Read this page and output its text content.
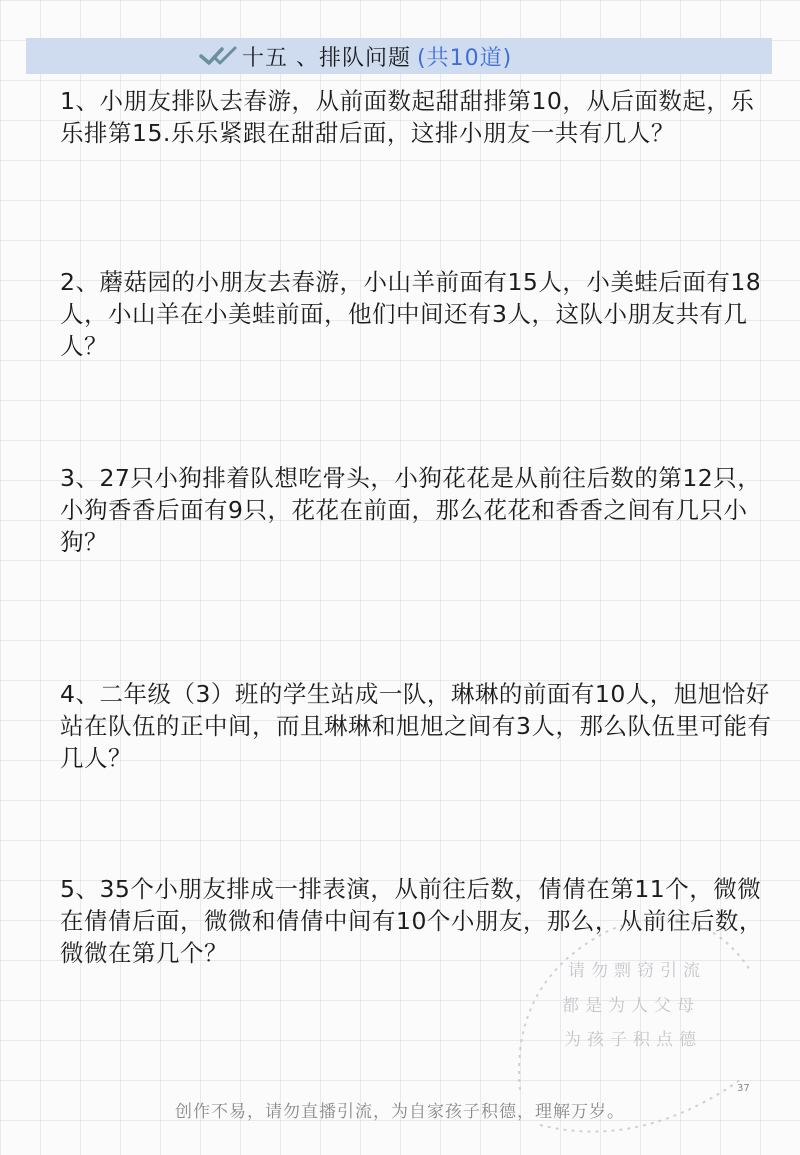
十五 、排队问题 (共10道)
1、小朋友排队去春游，从前面数起甜甜排第10，从后面数起，乐乐排第15.乐乐紧跟在甜甜后面，这排小朋友一共有几人？
2、蘑菇园的小朋友去春游，小山羊前面有15人，小美蛙后面有18人，小山羊在小美蛙前面，他们中间还有3人，这队小朋友共有几人？
3、27只小狗排着队想吃骨头，小狗花花是从前往后数的第12只，小狗香香后面有9只，花花在前面，那么花花和香香之间有几只小狗？
4、二年级（3）班的学生站成一队，琳琳的前面有10人，旭旭恰好站在队伍的正中间，而且琳琳和旭旭之间有3人，那么队伍里可能有几人？
5、35个小朋友排成一排表演，从前往后数，倩倩在第11个，微微在倩倩后面，微微和倩倩中间有10个小朋友，那么，从前往后数，微微在第几个？
请勿剽窃引流
都是为人父母
为孩子积点德
37
创作不易，请勿直播引流，为自家孩子积德，理解万岁。
